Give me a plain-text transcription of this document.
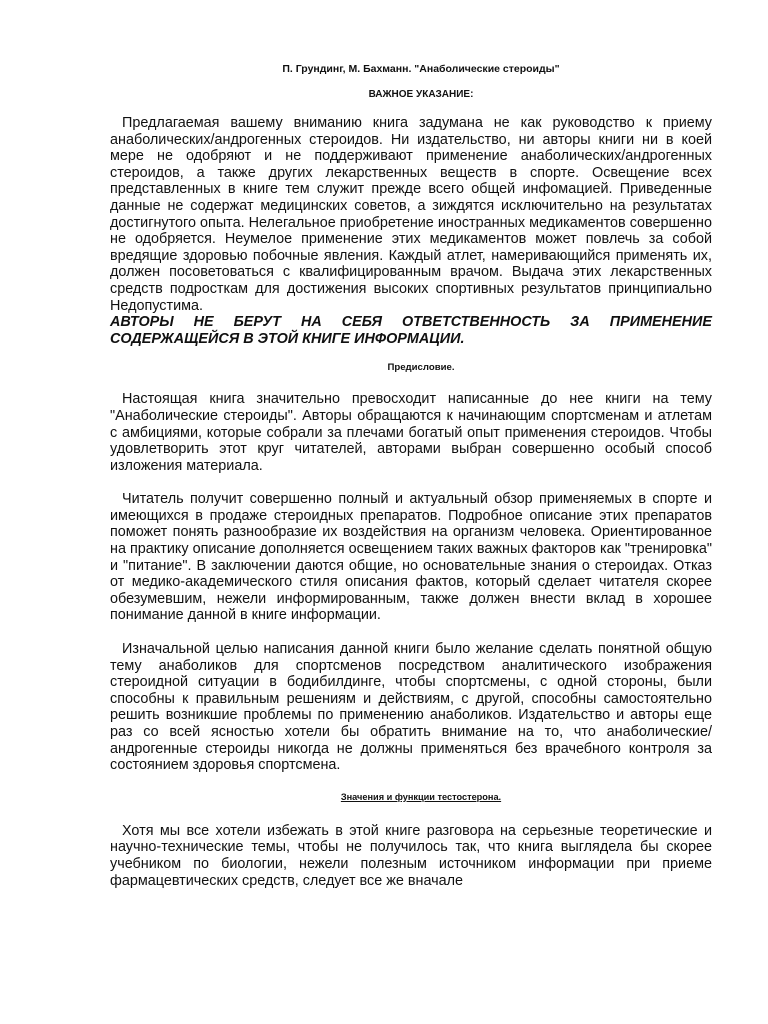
П. Грундинг, М. Бахманн. "Анаболические стероиды"

ВАЖНОЕ УКАЗАНИЕ:

Предлагаемая вашему вниманию книга задумана не как руководство к приему анаболических/андрогенных стероидов. Ни издательство, ни авторы книги ни в коей мере не одобряют и не поддерживают применение анаболических/андрогенных стероидов, а также других лекарственных веществ в спорте. Освещение всех представленных в книге тем служит прежде всего общей инфомацией. Приведенные данные не содержат медицинских советов, а зиждятся исключительно на результатах достигнутого опыта. Нелегальное приобретение иностранных медикаментов совершенно не одобряется. Неумелое применение этих медикаментов может повлечь за собой вредящие здоровью побочные явления. Каждый атлет, намеривающийся применять их, должен посоветоваться с квалифицированным врачом. Выдача этих лекарственных средств подросткам для достижения высоких спортивных результатов принципиально Недопустима.

АВТОРЫ НЕ БЕРУТ НА СЕБЯ ОТВЕТСТВЕННОСТЬ ЗА ПРИМЕНЕНИЕ СОДЕРЖАЩЕЙСЯ В ЭТОЙ КНИГЕ ИНФОРМАЦИИ.

Предисловие.

Настоящая книга значительно превосходит написанные до нее книги на тему "Анаболические стероиды". Авторы обращаются к начинающим спортсменам и атлетам с амбициями, которые собрали за плечами богатый опыт применения стероидов. Чтобы удовлетворить этот круг читателей, авторами выбран совершенно особый способ изложения материала.

Читатель получит совершенно полный и актуальный обзор применяемых в спорте и имеющихся в продаже стероидных препаратов. Подробное описание этих препаратов поможет понять разнообразие их воздействия на организм человека. Ориентированное на практику описание дополняется освещением таких важных факторов как "тренировка" и "питание". В заключении даются общие, но основательные знания о стероидах. Отказ от медико-академического стиля описания фактов, который сделает читателя скорее обезумевшим, нежели информированным, также должен внести вклад в хорошее понимание данной в книге информации.

Изначальной целью написания данной книги было желание сделать понятной общую тему анаболиков для спортсменов посредством аналитического изображения стероидной ситуации в бодибилдинге, чтобы спортсмены, с одной стороны, были способны к правильным решениям и действиям, с другой, способны самостоятельно решить возникшие проблемы по применению анаболиков. Издательство и авторы еще раз со всей ясностью хотели бы обратить внимание на то, что анаболические/андрогенные стероиды никогда не должны применяться без врачебного контроля за состоянием здоровья спортсмена.

Значения и функции тестостерона.

Хотя мы все хотели избежать в этой книге разговора на серьезные теоретические и научно-технические темы, чтобы не получилось так, что книга выглядела бы скорее учебником по биологии, нежели полезным источником информации при приеме фармацевтических средств, следует все же вначале
